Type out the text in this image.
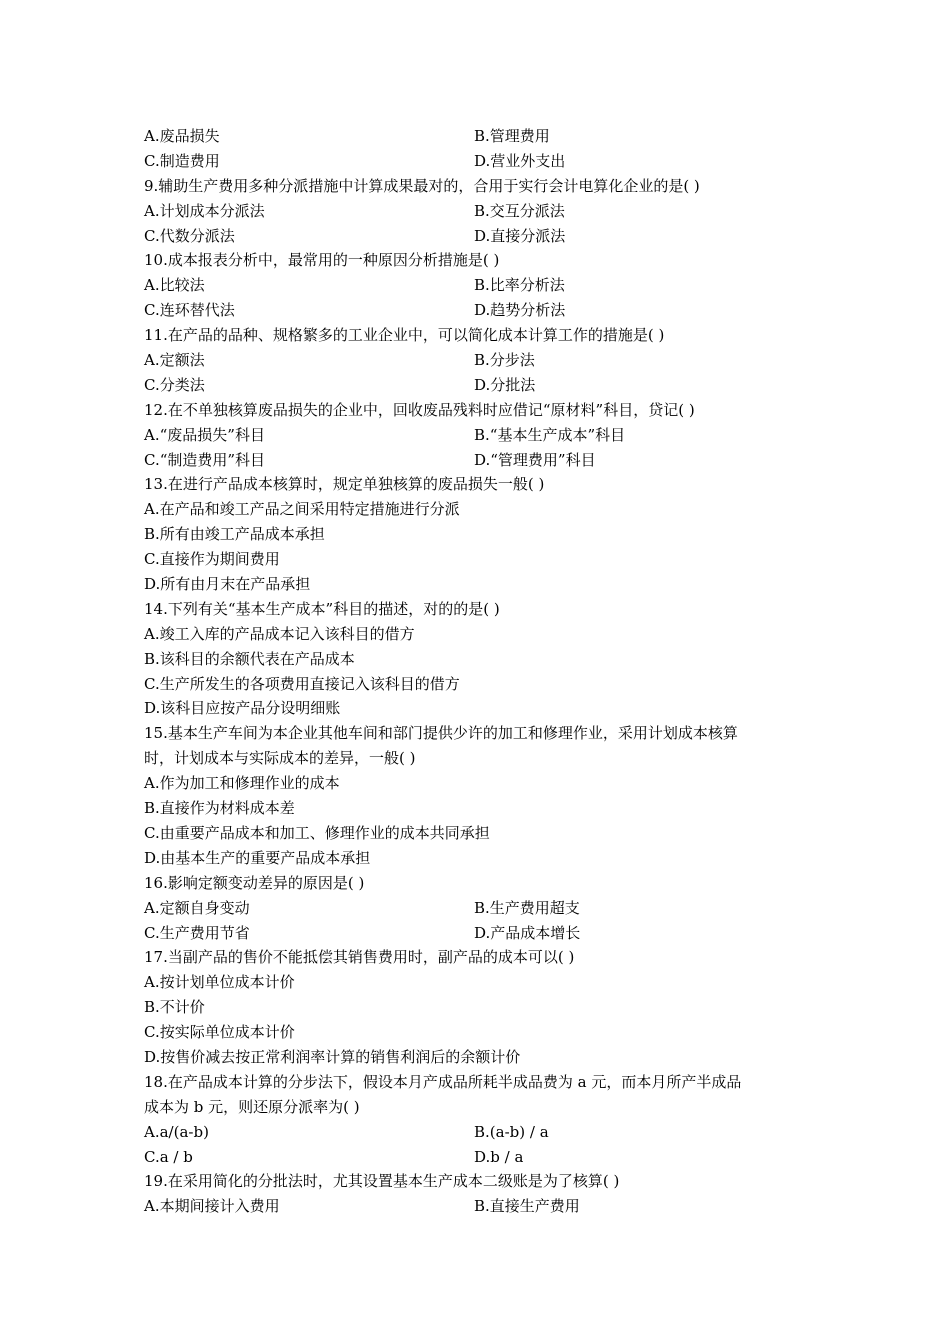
A.废品损失	B.管理费用
C.制造费用	D.营业外支出
9.辅助生产费用多种分派措施中计算成果最对的，合用于实行会计电算化企业的是( )
A.计划成本分派法	B.交互分派法
C.代数分派法	D.直接分派法
10.成本报表分析中，最常用的一种原因分析措施是( )
A.比较法	B.比率分析法
C.连环替代法	D.趋势分析法
11.在产品的品种、规格繁多的工业企业中，可以简化成本计算工作的措施是( )
A.定额法	B.分步法
C.分类法	D.分批法
12.在不单独核算废品损失的企业中，回收废品残料时应借记“原材料”科目，贷记( )
A.“废品损失”科目	B.“基本生产成本”科目
C.“制造费用”科目	D.“管理费用”科目
13.在进行产品成本核算时，规定单独核算的废品损失一般( )
A.在产品和竣工产品之间采用特定措施进行分派
B.所有由竣工产品成本承担
C.直接作为期间费用
D.所有由月末在产品承担
14.下列有关“基本生产成本”科目的描述，对的的是( )
A.竣工入库的产品成本记入该科目的借方
B.该科目的余额代表在产品成本
C.生产所发生的各项费用直接记入该科目的借方
D.该科目应按产品分设明细账
15.基本生产车间为本企业其他车间和部门提供少许的加工和修理作业，采用计划成本核算
时，计划成本与实际成本的差异，一般( )
A.作为加工和修理作业的成本
B.直接作为材料成本差
C.由重要产品成本和加工、修理作业的成本共同承担
D.由基本生产的重要产品成本承担
16.影响定额变动差异的原因是( )
A.定额自身变动	B.生产费用超支
C.生产费用节省	D.产品成本增长
17.当副产品的售价不能抵偿其销售费用时，副产品的成本可以( )
A.按计划单位成本计价
B.不计价
C.按实际单位成本计价
D.按售价减去按正常利润率计算的销售利润后的余额计价
18.在产品成本计算的分步法下，假设本月产成品所耗半成品费为 a 元，而本月所产半成品
成本为 b 元，则还原分派率为( )
A.a/(a-b)	B.(a-b) / a
C.a / b	D.b / a
19.在采用简化的分批法时，尤其设置基本生产成本二级账是为了核算( )
A.本期间接计入费用	B.直接生产费用
